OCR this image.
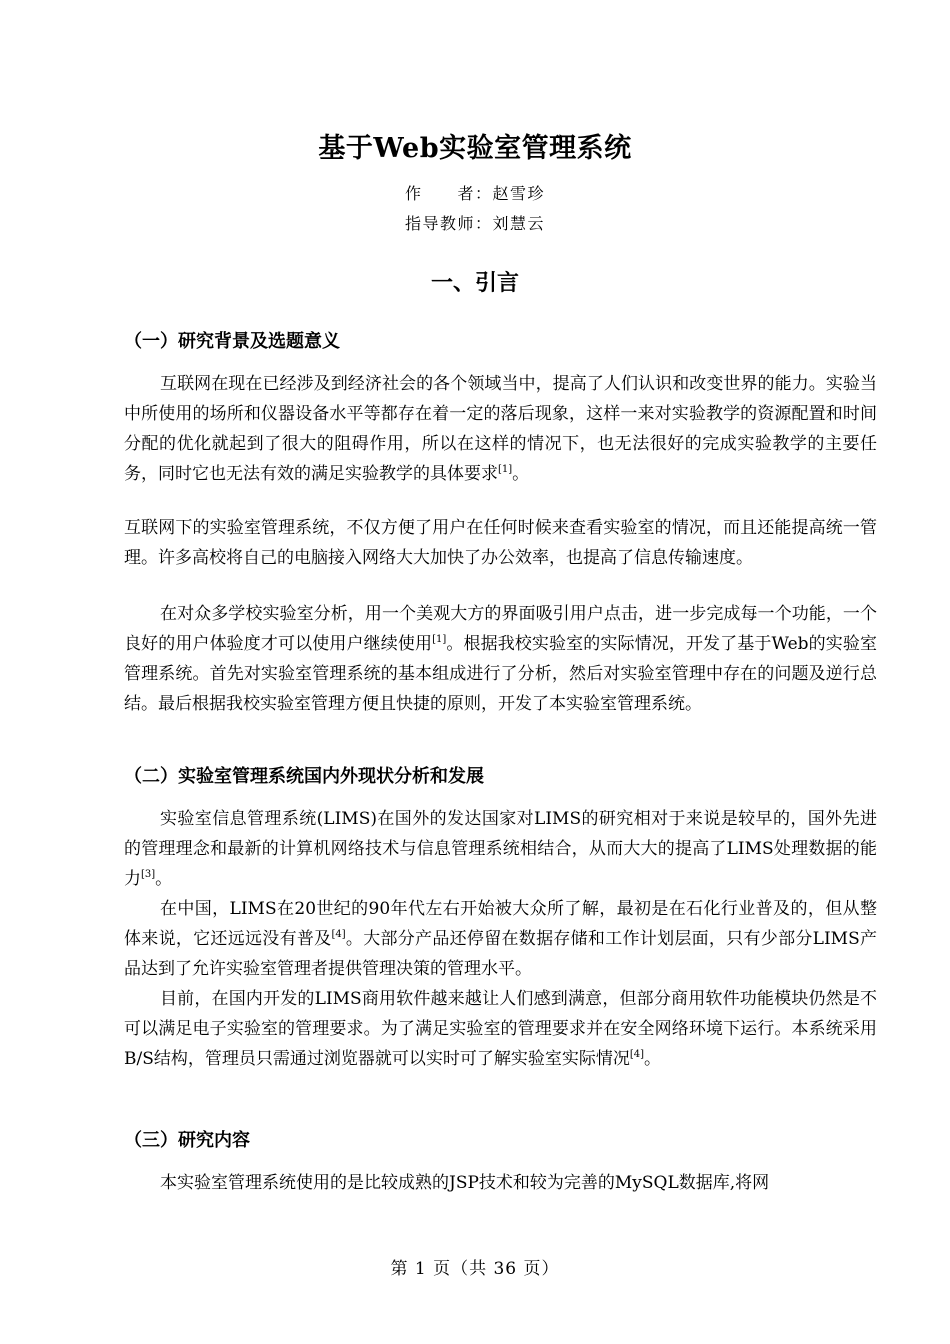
基于Web实验室管理系统
作　　者：赵雪珍
指导教师：刘慧云
一、引言
（一）研究背景及选题意义

互联网在现在已经涉及到经济社会的各个领域当中，提高了人们认识和改变世界的能力。实验当中所使用的场所和仪器设备水平等都存在着一定的落后现象，这样一来对实验教学的资源配置和时间分配的优化就起到了很大的阻碍作用，所以在这样的情况下，也无法很好的完成实验教学的主要任务，同时它也无法有效的满足实验教学的具体要求[1]。

互联网下的实验室管理系统，不仅方便了用户在任何时候来查看实验室的情况，而且还能提高统一管理。许多高校将自己的电脑接入网络大大加快了办公效率，也提高了信息传输速度。

在对众多学校实验室分析，用一个美观大方的界面吸引用户点击，进一步完成每一个功能，一个良好的用户体验度才可以使用户继续使用[1]。根据我校实验室的实际情况，开发了基于Web的实验室管理系统。首先对实验室管理系统的基本组成进行了分析，然后对实验室管理中存在的问题及逆行总结。最后根据我校实验室管理方便且快捷的原则，开发了本实验室管理系统。

（二）实验室管理系统国内外现状分析和发展

实验室信息管理系统(LIMS)在国外的发达国家对LIMS的研究相对于来说是较早的，国外先进的管理理念和最新的计算机网络技术与信息管理系统相结合，从而大大的提高了LIMS处理数据的能力[3]。

在中国，LIMS在20世纪的90年代左右开始被大众所了解，最初是在石化行业普及的，但从整体来说，它还远远没有普及[4]。大部分产品还停留在数据存储和工作计划层面，只有少部分LIMS产品达到了允许实验室管理者提供管理决策的管理水平。

目前，在国内开发的LIMS商用软件越来越让人们感到满意，但部分商用软件功能模块仍然是不可以满足电子实验室的管理要求。为了满足实验室的管理要求并在安全网络环境下运行。本系统采用B/S结构，管理员只需通过浏览器就可以实时可了解实验室实际情况[4]。

（三）研究内容

本实验室管理系统使用的是比较成熟的JSP技术和较为完善的MySQL数据库,将网

第 1 页（共 36 页）
